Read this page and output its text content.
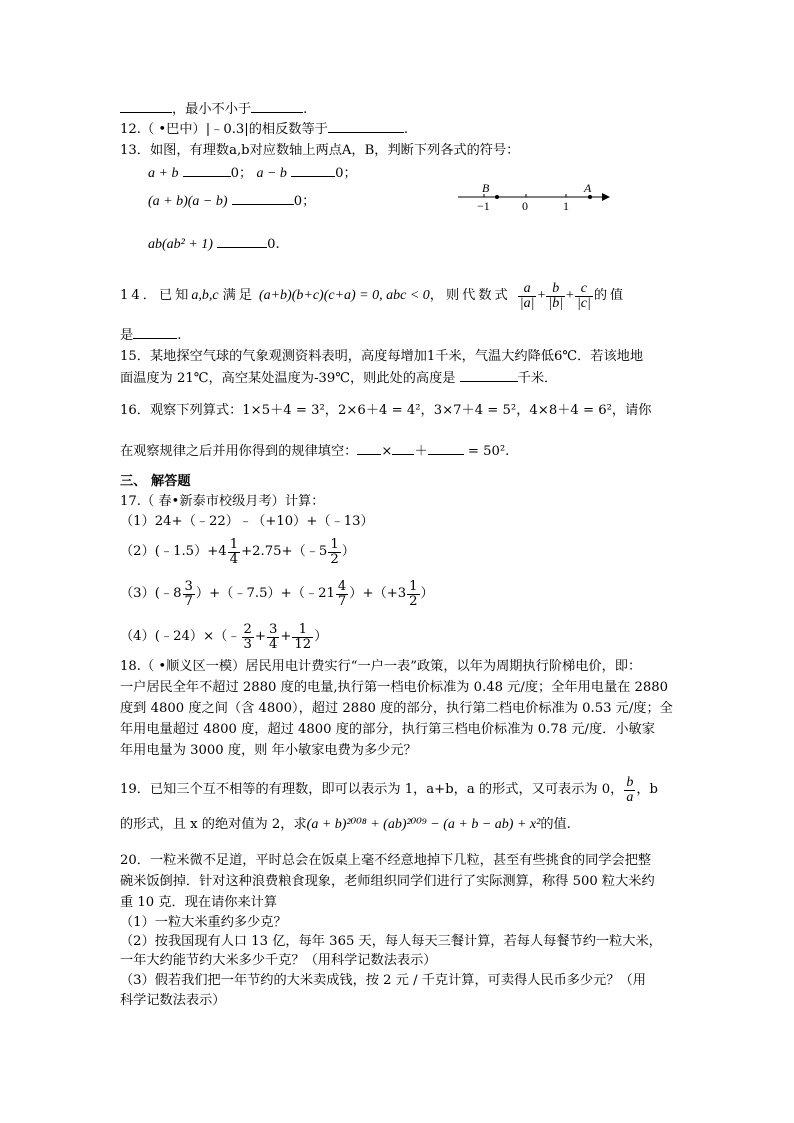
，最小不小于	.
12.（ •巴中）|﹣0.3|的相反数等于	.
13．如图，有理数a,b对应数轴上两点A，B，判断下列各式的符号：
a + b	0； a − b	0；
(a + b)(a − b)	0；
ab(ab² + 1)	0.
B	A
−1	0	1
14．已知 a,b,c 满足 (a+b)(b+c)(c+a) = 0, abc < 0 ，则代数式 $\frac{a}{|a|} + \frac{b}{|b|} + \frac{c}{|c|}$ 的值
是	.
15．某地探空气球的气象观测资料表明，高度每增加1千米，气温大约降低6℃．若该地地
面温度为 21℃，高空某处温度为-39℃，则此处的高度是	千米．
16．观察下列算式：1×5＋4 = 3²，2×6＋4 = 4²，3×7＋4 = 5²，4×8＋4 = 6²，请你
在观察规律之后并用你得到的规律填空： × ＋	= 50².
三、 解答题
17.（ 春•新泰市校级月考）计算：
（1）24+（﹣22）﹣（+10）+（﹣13）
（2）(﹣1.5）+4 $\frac{1}{4}$ +2.75+（﹣5 $\frac{1}{2}$ ）
（3）(﹣8 $\frac{3}{7}$ ）+（﹣7.5）+（﹣21 $\frac{4}{7} )+(+3 \frac{1}{2}$ ）
（4）(﹣24）×（﹣ $\frac{2}{3} + \frac{3}{4} + \frac{1}{12}$ ）
18.（ •顺义区一模）居民用电计费实行“一户一表”政策，以年为周期执行阶梯电价，即：
一户居民全年不超过 2880 度的电量,执行第一档电价标准为 0.48 元/度；全年用电量在 2880
度到 4800 度之间（含 4800），超过 2880 度的部分，执行第二档电价标准为 0.53 元/度；全
年用电量超过 4800 度，超过 4800 度的部分，执行第三档电价标准为 0.78 元/度．小敏家
年用电量为 3000 度，则 年小敏家电费为多少元？
19．已知三个互不相等的有理数，即可以表示为 1，a+b，a 的形式，又可表示为 0， $\frac{b}{a}$ ，b
的形式，且 x 的绝对值为 2，求(a + b)²⁰⁰⁸ + (ab)²⁰⁰⁹ − (a + b − ab) + x²的值.
20．一粒米微不足道，平时总会在饭桌上毫不经意地掉下几粒，甚至有些挑食的同学会把整
碗米饭倒掉．针对这种浪费粮食现象，老师组织同学们进行了实际测算，称得 500 粒大米约
重 10 克．现在请你来计算
（1）一粒大米重约多少克？
（2）按我国现有人口 13 亿，每年 365 天，每人每天三餐计算，若每人每餐节约一粒大米，
一年大约能节约大米多少千克？（用科学记数法表示）
（3）假若我们把一年节约的大米卖成钱，按 2 元 / 千克计算，可卖得人民币多少元？（用
科学记数法表示）
